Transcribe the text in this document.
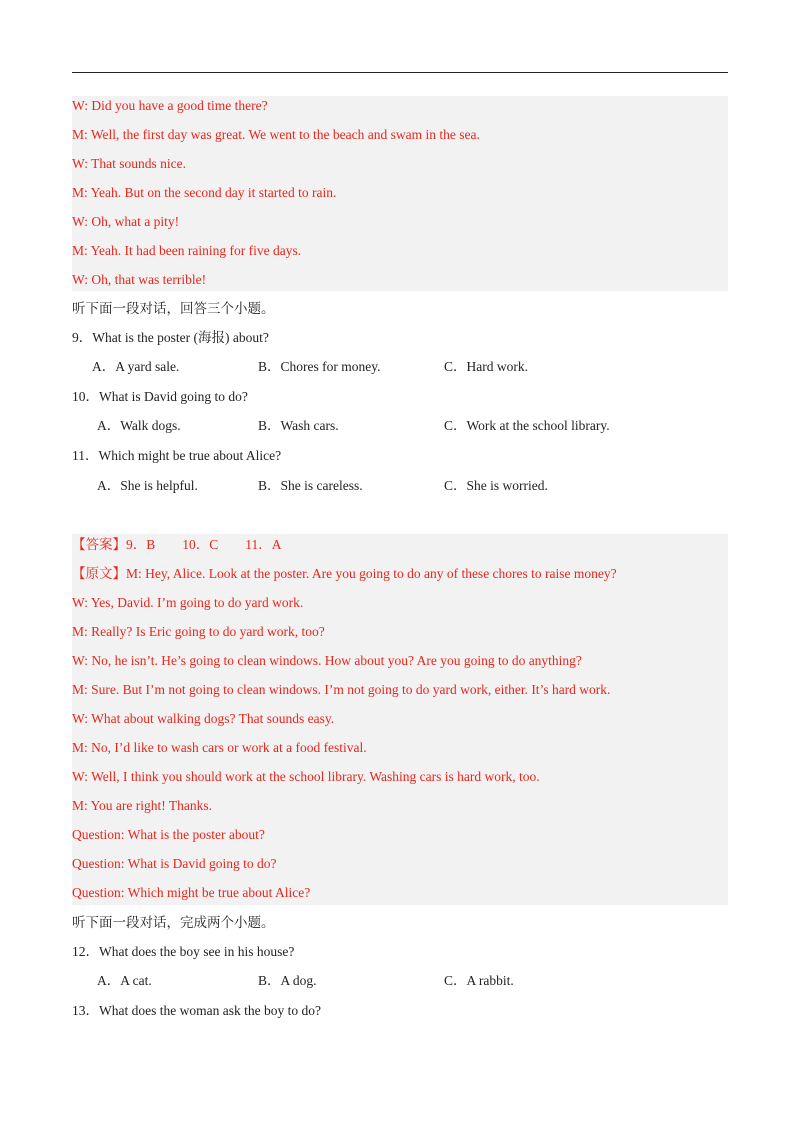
W: Did you have a good time there?
M: Well, the first day was great. We went to the beach and swam in the sea.
W: That sounds nice.
M: Yeah. But on the second day it started to rain.
W: Oh, what a pity!
M: Yeah. It had been raining for five days.
W: Oh, that was terrible!
听下面一段对话，回答三个小题。
9．What is the poster (海报) about?
A．A yard sale.	B．Chores for money.	C．Hard work.
10．What is David going to do?
A．Walk dogs.	B．Wash cars.	C．Work at the school library.
11．Which might be true about Alice?
A．She is helpful.	B．She is careless.	C．She is worried.
【答案】9．B　　10．C　　11．A
【原文】M: Hey, Alice. Look at the poster. Are you going to do any of these chores to raise money?
W: Yes, David. I’m going to do yard work.
M: Really? Is Eric going to do yard work, too?
W: No, he isn’t. He’s going to clean windows. How about you? Are you going to do anything?
M: Sure. But I’m not going to clean windows. I’m not going to do yard work, either. It’s hard work.
W: What about walking dogs? That sounds easy.
M: No, I’d like to wash cars or work at a food festival.
W: Well, I think you should work at the school library. Washing cars is hard work, too.
M: You are right! Thanks.
Question: What is the poster about?
Question: What is David going to do?
Question: Which might be true about Alice?
听下面一段对话，完成两个小题。
12．What does the boy see in his house?
A．A cat.	B．A dog.	C．A rabbit.
13．What does the woman ask the boy to do?
